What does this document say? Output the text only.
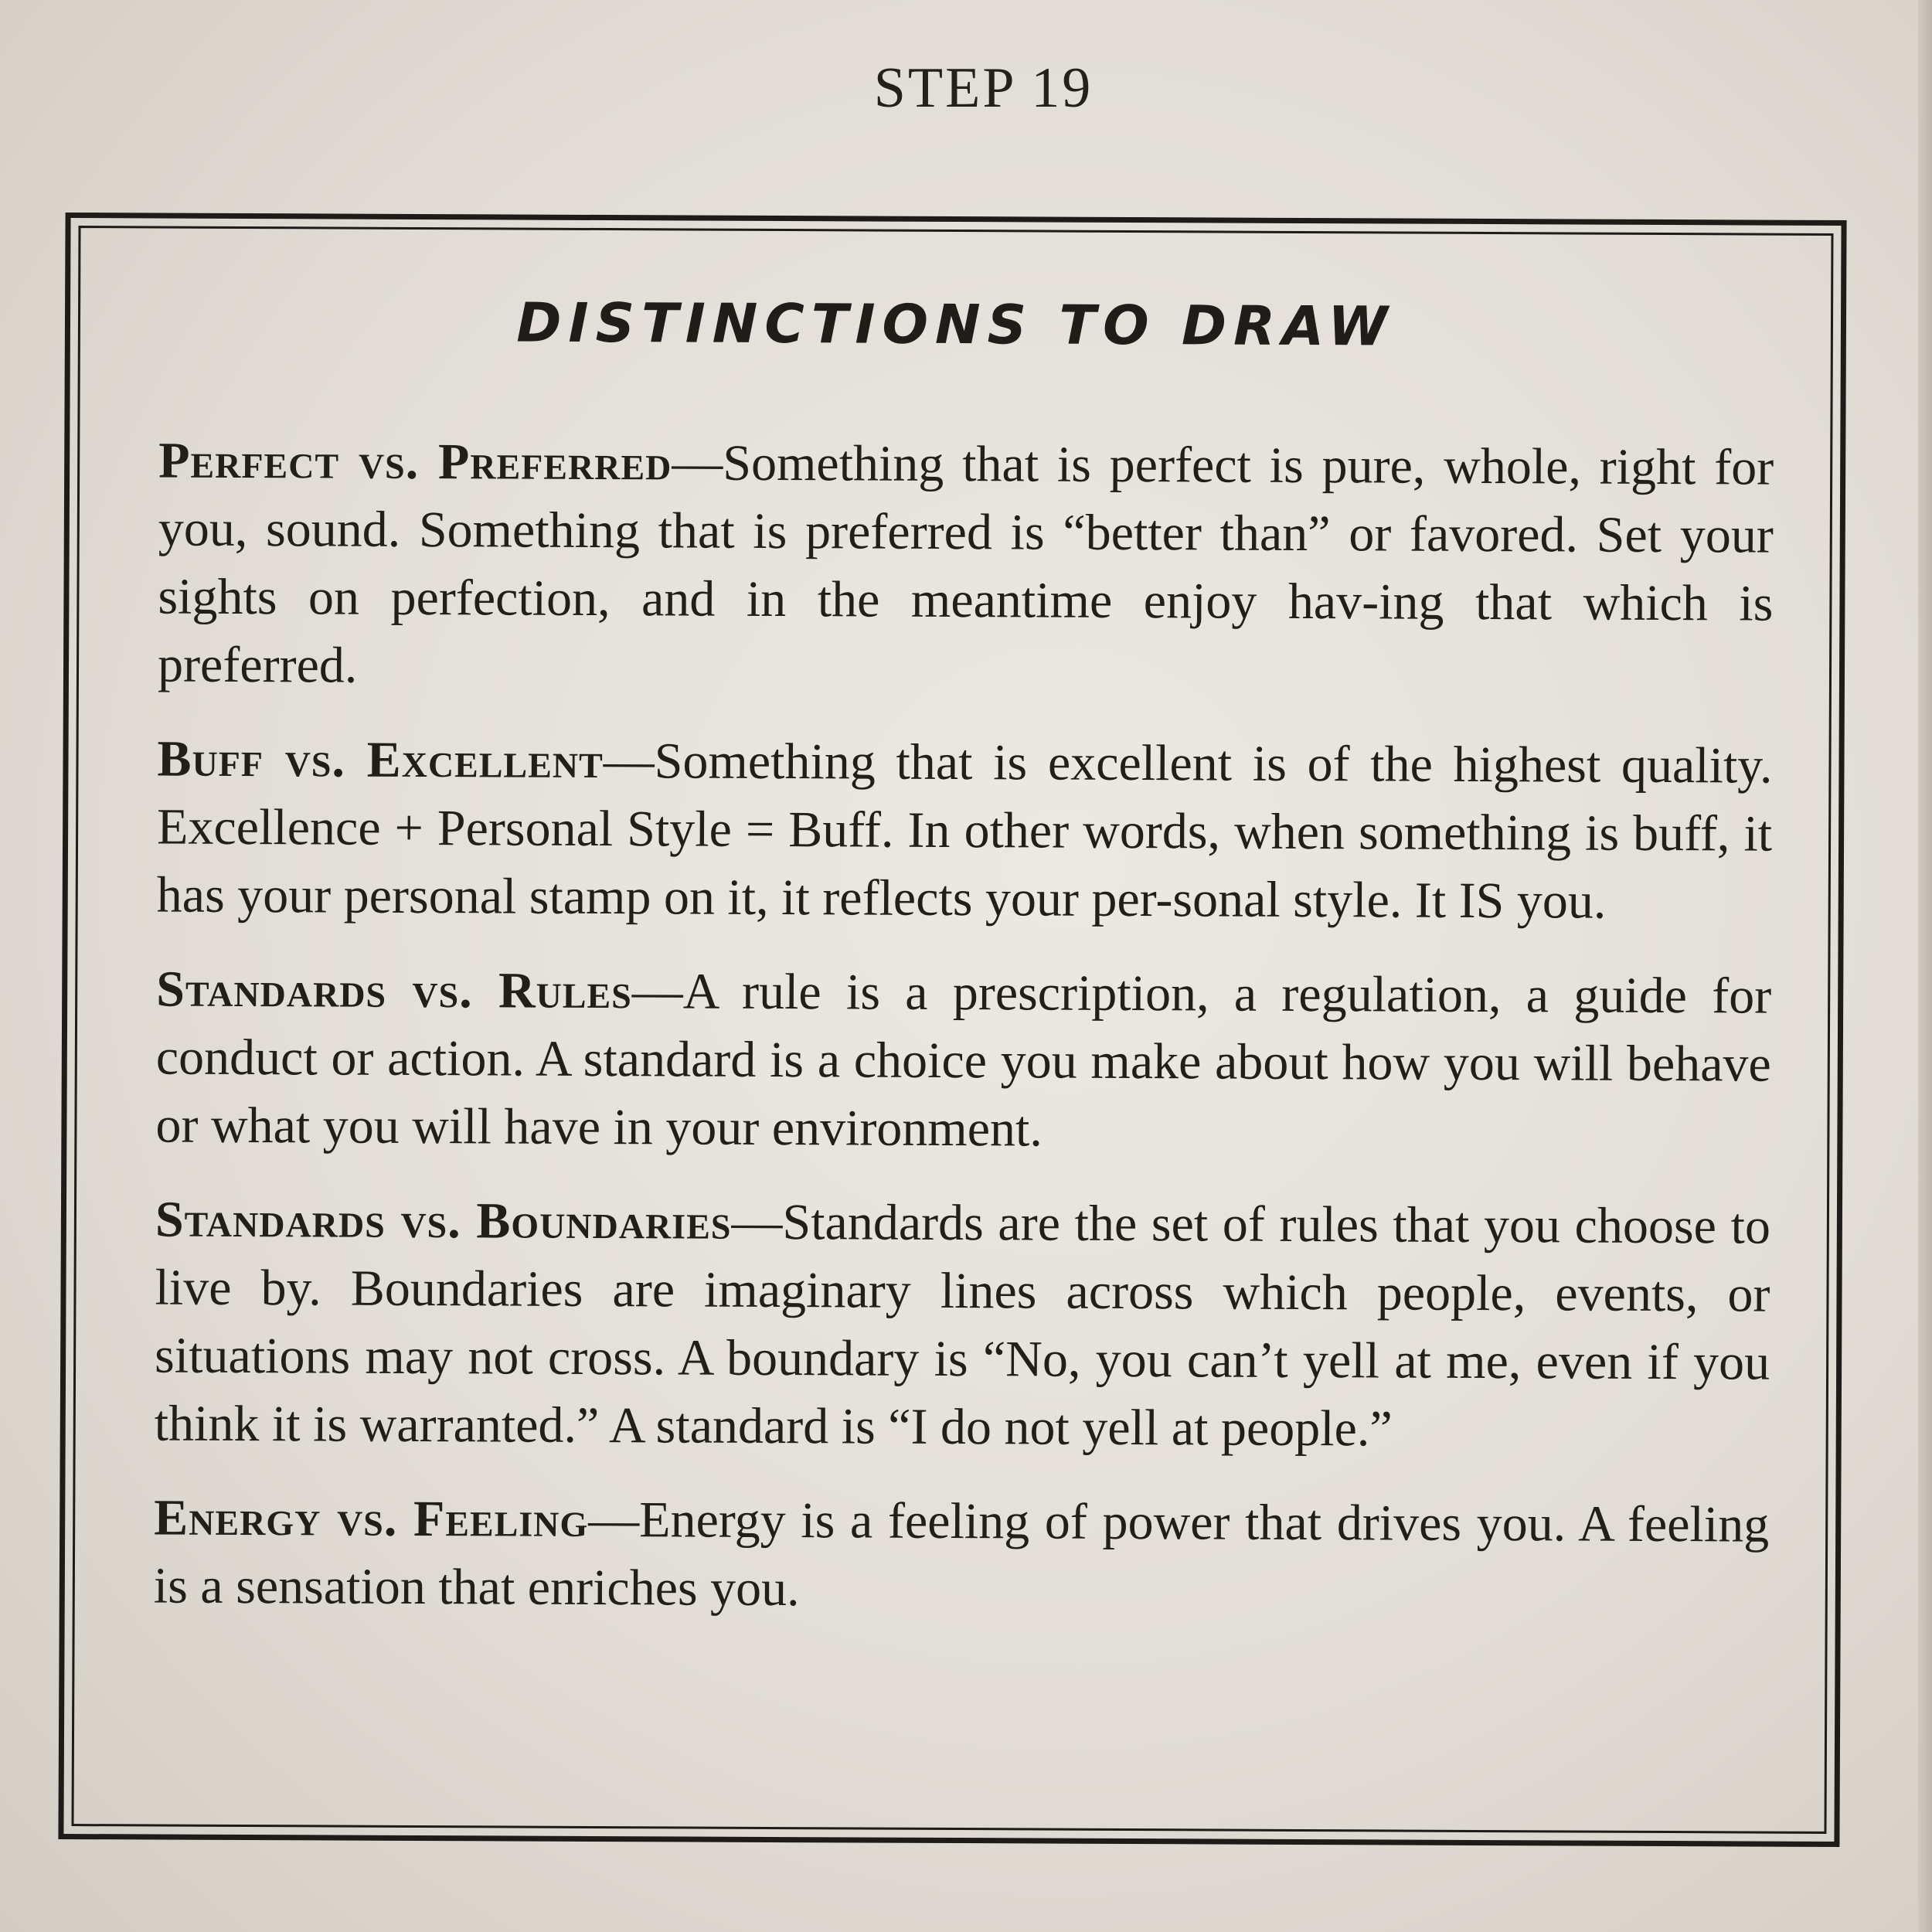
STEP 19
DISTINCTIONS TO DRAW

Perfect vs. Preferred—Something that is perfect is pure, whole, right for you, sound. Something that is preferred is “better than” or favored. Set your sights on perfection, and in the meantime enjoy hav-ing that which is preferred.

Buff vs. Excellent—Something that is excellent is of the highest quality. Excellence + Personal Style = Buff. In other words, when something is buff, it has your personal stamp on it, it reflects your per-sonal style. It IS you.

Standards vs. Rules—A rule is a prescription, a regulation, a guide for conduct or action. A standard is a choice you make about how you will behave or what you will have in your environment.

Standards vs. Boundaries—Standards are the set of rules that you choose to live by. Boundaries are imaginary lines across which people, events, or situations may not cross. A boundary is “No, you can’t yell at me, even if you think it is warranted.” A standard is “I do not yell at people.”

Energy vs. Feeling—Energy is a feeling of power that drives you. A feeling is a sensation that enriches you.
